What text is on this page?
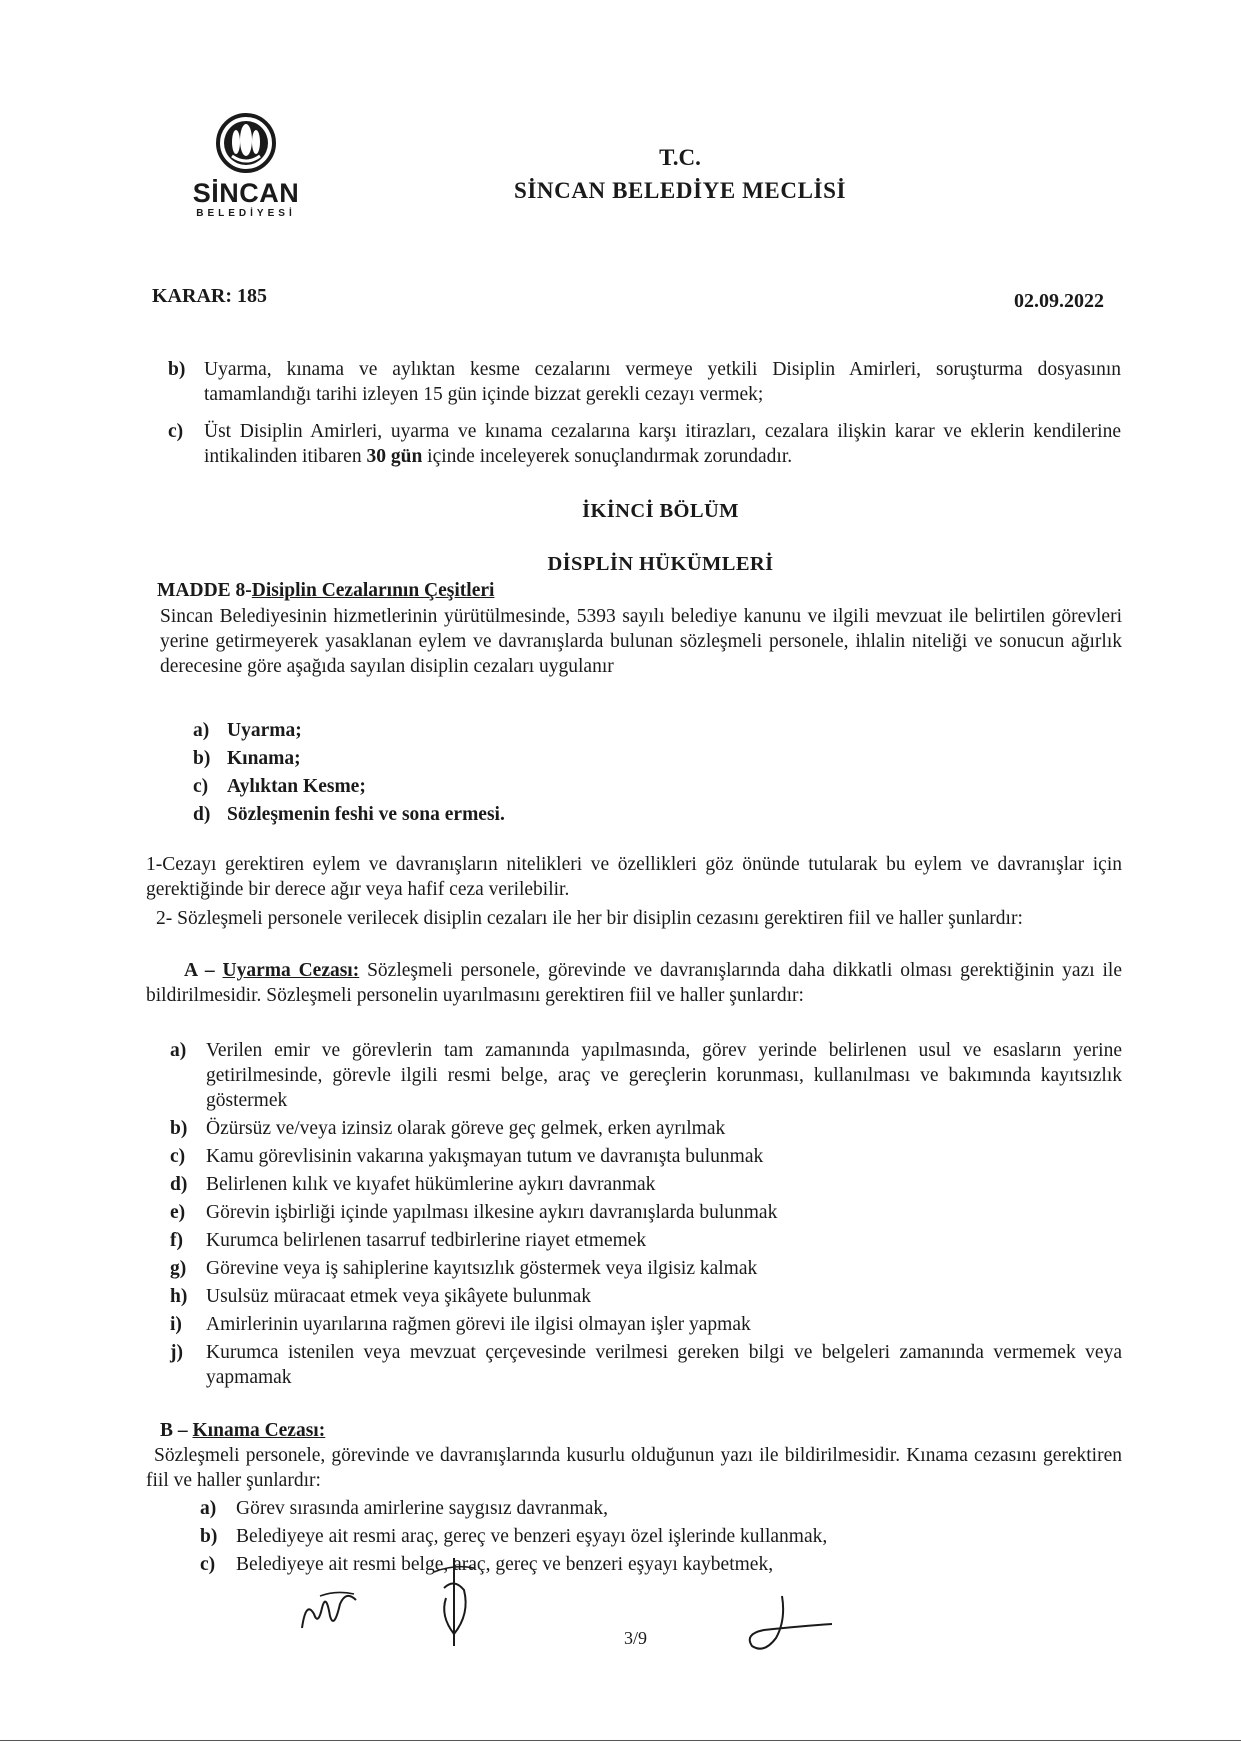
SİNCAN
BELEDİYESİ
T.C.
SİNCAN BELEDİYE MECLİSİ
KARAR: 185	02.09.2022
b) Uyarma, kınama ve aylıktan kesme cezalarını vermeye yetkili Disiplin Amirleri, soruşturma dosyasının tamamlandığı tarihi izleyen 15 gün içinde bizzat gerekli cezayı vermek;
c)	Üst Disiplin Amirleri, uyarma ve kınama cezalarına karşı itirazları, cezalara ilişkin karar ve eklerin kendilerine intikalinden itibaren 30 gün içinde inceleyerek sonuçlandırmak zorundadır.
İKİNCİ BÖLÜM
DİSPLİN HÜKÜMLERİ
MADDE 8-Disiplin Cezalarının Çeşitleri
Sincan Belediyesinin hizmetlerinin yürütülmesinde, 5393 sayılı belediye kanunu ve ilgili mevzuat ile belirtilen görevleri yerine getirmeyerek yasaklanan eylem ve davranışlarda bulunan sözleşmeli personele, ihlalin niteliği ve sonucun ağırlık derecesine göre aşağıda sayılan disiplin cezaları uygulanır
a) Uyarma;
b) Kınama;
c) Aylıktan Kesme;
d) Sözleşmenin feshi ve sona ermesi.
1-Cezayı gerektiren eylem ve davranışların nitelikleri ve özellikleri göz önünde tutularak bu eylem ve davranışlar için gerektiğinde bir derece ağır veya hafif ceza verilebilir.
2- Sözleşmeli personele verilecek disiplin cezaları ile her bir disiplin cezasını gerektiren fiil ve haller şunlardır:
A – Uyarma Cezası: Sözleşmeli personele, görevinde ve davranışlarında daha dikkatli olması gerektiğinin yazı ile bildirilmesidir. Sözleşmeli personelin uyarılmasını gerektiren fiil ve haller şunlardır:
a)	Verilen emir ve görevlerin tam zamanında yapılmasında, görev yerinde belirlenen usul ve esasların yerine getirilmesinde, görevle ilgili resmi belge, araç ve gereçlerin korunması, kullanılması ve bakımında kayıtsızlık göstermek
b) Özürsüz ve/veya izinsiz olarak göreve geç gelmek, erken ayrılmak
c)	Kamu görevlisinin vakarına yakışmayan tutum ve davranışta bulunmak
d) Belirlenen kılık ve kıyafet hükümlerine aykırı davranmak
e)	Görevin işbirliği içinde yapılması ilkesine aykırı davranışlarda bulunmak
f)	Kurumca belirlenen tasarruf tedbirlerine riayet etmemek
g)	Görevine veya iş sahiplerine kayıtsızlık göstermek veya ilgisiz kalmak
h) Usulsüz müracaat etmek veya şikâyete bulunmak
i)	Amirlerinin uyarılarına rağmen görevi ile ilgisi olmayan işler yapmak
j)	Kurumca istenilen veya mevzuat çerçevesinde verilmesi gereken bilgi ve belgeleri zamanında vermemek veya yapmamak
B – Kınama Cezası:
Sözleşmeli personele, görevinde ve davranışlarında kusurlu olduğunun yazı ile bildirilmesidir. Kınama cezasını gerektiren fiil ve haller şunlardır:
a)	Görev sırasında amirlerine saygısız davranmak,
b) Belediyeye ait resmi araç, gereç ve benzeri eşyayı özel işlerinde kullanmak,
c)	Belediyeye ait resmi belge, araç, gereç ve benzeri eşyayı kaybetmek,
3/9
